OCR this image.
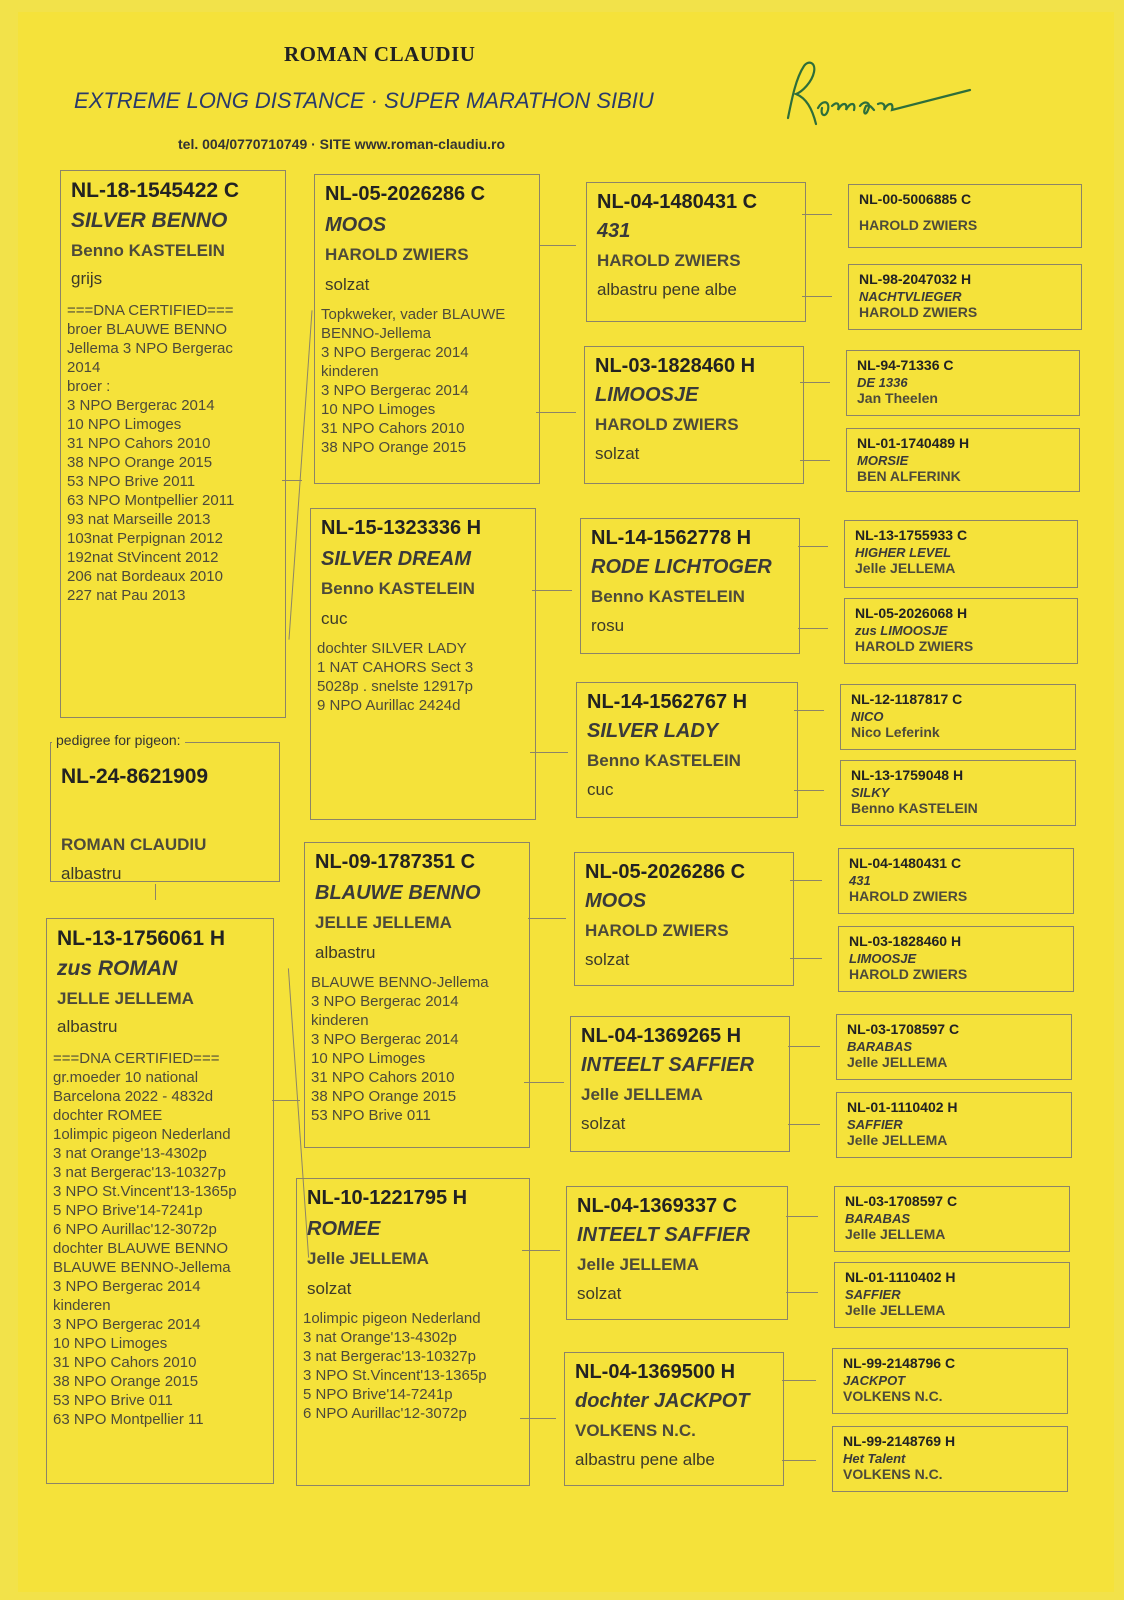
ROMAN CLAUDIU
EXTREME LONG DISTANCE · SUPER MARATHON SIBIU
tel. 004/0770710749 · SITE www.roman-claudiu.ro
NL-18-1545422 C
SILVER BENNO
Benno KASTELEIN
grijs
===DNA CERTIFIED===
broer BLAUWE BENNO
Jellema 3 NPO Bergerac
2014
broer :
3 NPO Bergerac 2014
10 NPO Limoges
31 NPO Cahors 2010
38 NPO Orange 2015
53 NPO Brive 2011
63 NPO Montpellier 2011
93 nat Marseille 2013
103nat Perpignan 2012
192nat StVincent 2012
206 nat Bordeaux 2010
227 nat Pau 2013
NL-24-8621909
ROMAN CLAUDIU
albastru
pedigree for pigeon:
NL-13-1756061 H
zus ROMAN
JELLE JELLEMA
albastru
===DNA CERTIFIED===
gr.moeder 10 national
Barcelona 2022 - 4832d
dochter ROMEE
1olimpic pigeon Nederland
3 nat Orange'13-4302p
3 nat Bergerac'13-10327p
3 NPO St.Vincent'13-1365p
5 NPO Brive'14-7241p
6 NPO Aurillac'12-3072p
dochter BLAUWE BENNO
BLAUWE BENNO-Jellema
3 NPO Bergerac 2014
kinderen
3 NPO Bergerac 2014
10 NPO Limoges
31 NPO Cahors 2010
38 NPO Orange 2015
53 NPO Brive 011
63 NPO Montpellier 11
NL-05-2026286 C
MOOS
HAROLD ZWIERS
solzat
Topkweker, vader BLAUWE
BENNO-Jellema
3 NPO Bergerac 2014
kinderen
3 NPO Bergerac 2014
10 NPO Limoges
31 NPO Cahors 2010
38 NPO Orange 2015
NL-15-1323336 H
SILVER DREAM
Benno KASTELEIN
cuc
dochter SILVER LADY
1 NAT CAHORS Sect 3
5028p . snelste 12917p
9 NPO Aurillac 2424d
NL-09-1787351 C
BLAUWE BENNO
JELLE JELLEMA
albastru
BLAUWE BENNO-Jellema
3 NPO Bergerac 2014
kinderen
3 NPO Bergerac 2014
10 NPO Limoges
31 NPO Cahors 2010
38 NPO Orange 2015
53 NPO Brive 011
NL-10-1221795 H
ROMEE
Jelle JELLEMA
solzat
1olimpic pigeon Nederland
3 nat Orange'13-4302p
3 nat Bergerac'13-10327p
3 NPO St.Vincent'13-1365p
5 NPO Brive'14-7241p
6 NPO Aurillac'12-3072p
NL-04-1480431 C
431
HAROLD ZWIERS
albastru pene albe
NL-03-1828460 H
LIMOOSJE
HAROLD ZWIERS
solzat
NL-14-1562778 H
RODE LICHTOGER
Benno KASTELEIN
rosu
NL-14-1562767 H
SILVER LADY
Benno KASTELEIN
cuc
NL-05-2026286 C
MOOS
HAROLD ZWIERS
solzat
NL-04-1369265 H
INTEELT SAFFIER
Jelle JELLEMA
solzat
NL-04-1369337 C
INTEELT SAFFIER
Jelle JELLEMA
solzat
NL-04-1369500 H
dochter JACKPOT
VOLKENS N.C.
albastru pene albe
NL-00-5006885 C
HAROLD ZWIERS
NL-98-2047032 H
NACHTVLIEGER
HAROLD ZWIERS
NL-94-71336 C
DE 1336
Jan Theelen
NL-01-1740489 H
MORSIE
BEN ALFERINK
NL-13-1755933 C
HIGHER LEVEL
Jelle JELLEMA
NL-05-2026068 H
zus LIMOOSJE
HAROLD ZWIERS
NL-12-1187817 C
NICO
Nico Leferink
NL-13-1759048 H
SILKY
Benno KASTELEIN
NL-04-1480431 C
431
HAROLD ZWIERS
NL-03-1828460 H
LIMOOSJE
HAROLD ZWIERS
NL-03-1708597 C
BARABAS
Jelle JELLEMA
NL-01-1110402 H
SAFFIER
Jelle JELLEMA
NL-03-1708597 C
BARABAS
Jelle JELLEMA
NL-01-1110402 H
SAFFIER
Jelle JELLEMA
NL-99-2148796 C
JACKPOT
VOLKENS N.C.
NL-99-2148769 H
Het Talent
VOLKENS N.C.
